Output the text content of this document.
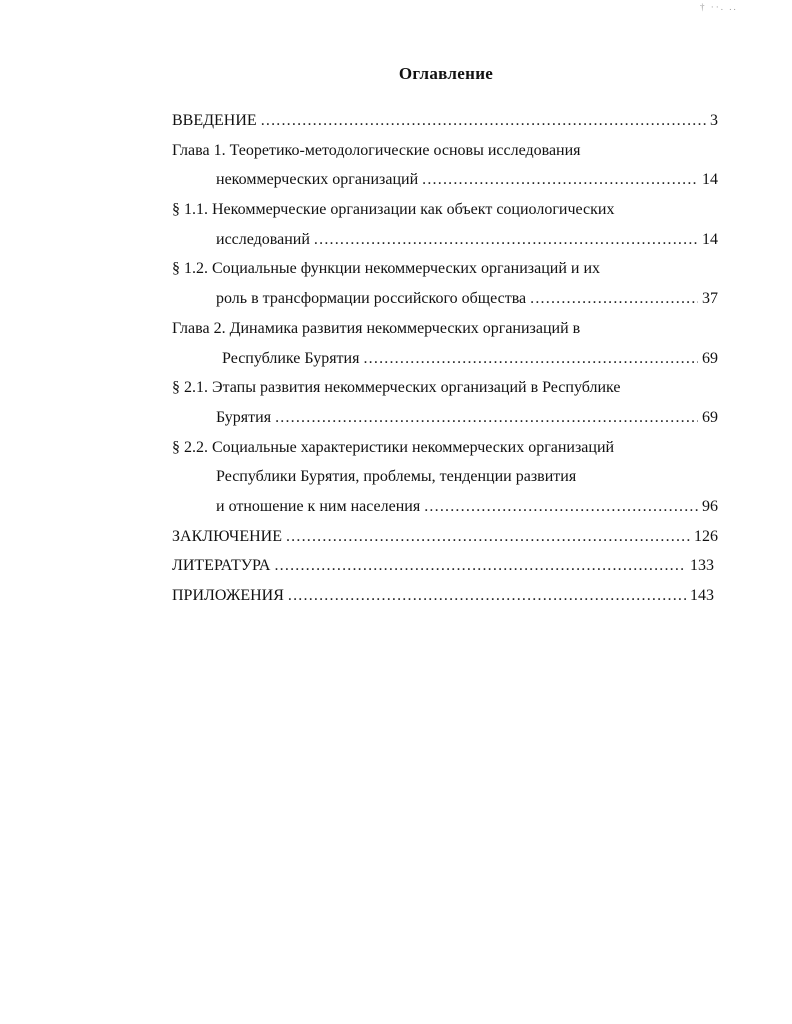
† ··. ..
Оглавление
ВВЕДЕНИЕ .....	3
Глава 1. Теоретико-методологические основы исследования
некоммерческих организаций .....	14
§ 1.1. Некоммерческие организации как объект социологических
исследований .....	14
§ 1.2. Социальные функции некоммерческих организаций и их
роль в трансформации российского общества .....	37
Глава 2. Динамика развития некоммерческих организаций в
Республике Бурятия .....	69
§ 2.1. Этапы развития некоммерческих организаций в Республике
Бурятия .....	69
§ 2.2. Социальные характеристики некоммерческих организаций
Республики Бурятия, проблемы, тенденции развития
и отношение к ним населения .....	96
ЗАКЛЮЧЕНИЕ .....	126
ЛИТЕРАТУРА .....	133
ПРИЛОЖЕНИЯ .....	143
